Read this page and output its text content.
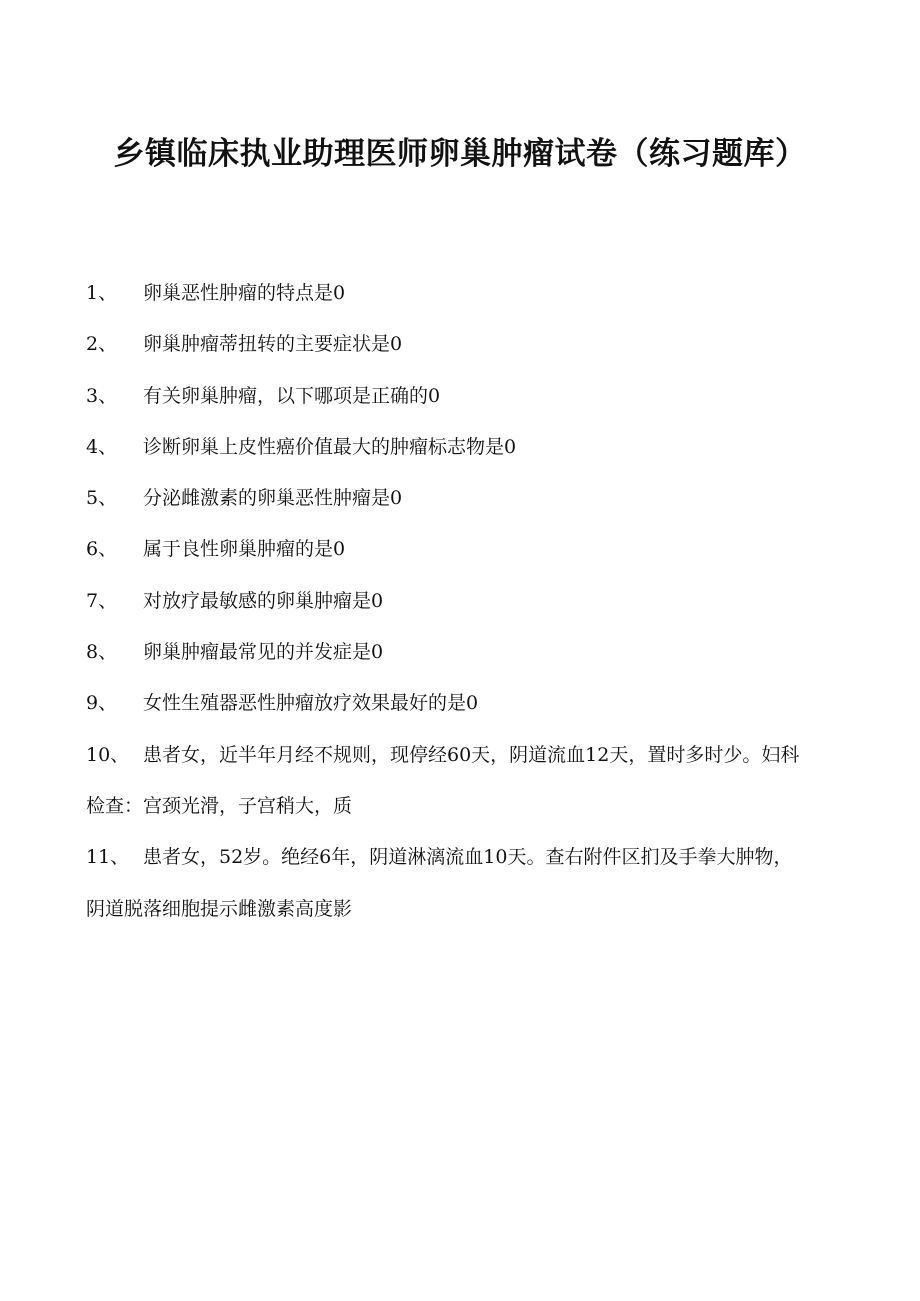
乡镇临床执业助理医师卵巢肿瘤试卷（练习题库）
1、 卵巢恶性肿瘤的特点是0
2、 卵巢肿瘤蒂扭转的主要症状是0
3、 有关卵巢肿瘤，以下哪项是正确的0
4、 诊断卵巢上皮性癌价值最大的肿瘤标志物是0
5、 分泌雌激素的卵巢恶性肿瘤是0
6、 属于良性卵巢肿瘤的是0
7、 对放疗最敏感的卵巢肿瘤是0
8、 卵巢肿瘤最常见的并发症是0
9、 女性生殖器恶性肿瘤放疗效果最好的是0
10、 患者女，近半年月经不规则，现停经60天，阴道流血12天，置时多时少。妇科检查：宫颈光滑，子宫稍大，质
11、 患者女，52岁。绝经6年，阴道淋漓流血10天。查右附件区扪及手拳大肿物，阴道脱落细胞提示雌激素高度影
